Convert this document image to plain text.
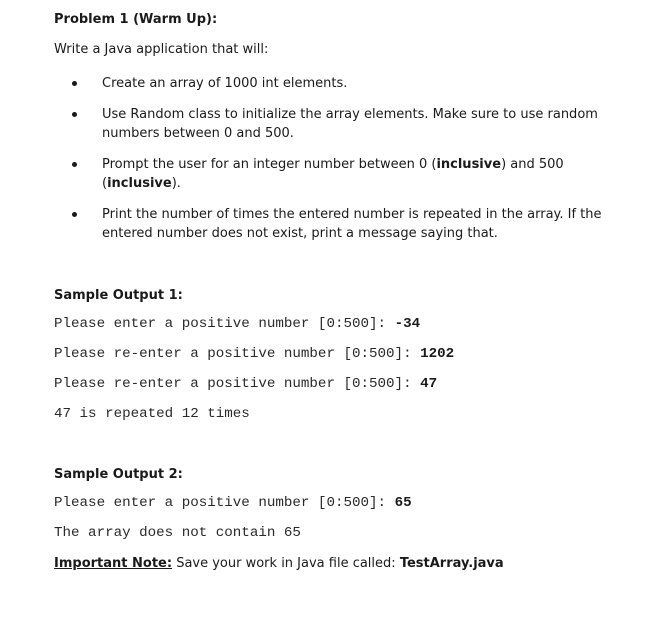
Problem 1 (Warm Up):
Write a Java application that will:
Create an array of 1000 int elements.
Use Random class to initialize the array elements. Make sure to use random numbers between 0 and 500.
Prompt the user for an integer number between 0 (inclusive) and 500 (inclusive).
Print the number of times the entered number is repeated in the array. If the entered number does not exist, print a message saying that.
Sample Output 1:
Please enter a positive number [0:500]: -34
Please re-enter a positive number [0:500]: 1202
Please re-enter a positive number [0:500]: 47
47 is repeated 12 times
Sample Output 2:
Please enter a positive number [0:500]: 65
The array does not contain 65
Important Note: Save your work in Java file called: TestArray.java
